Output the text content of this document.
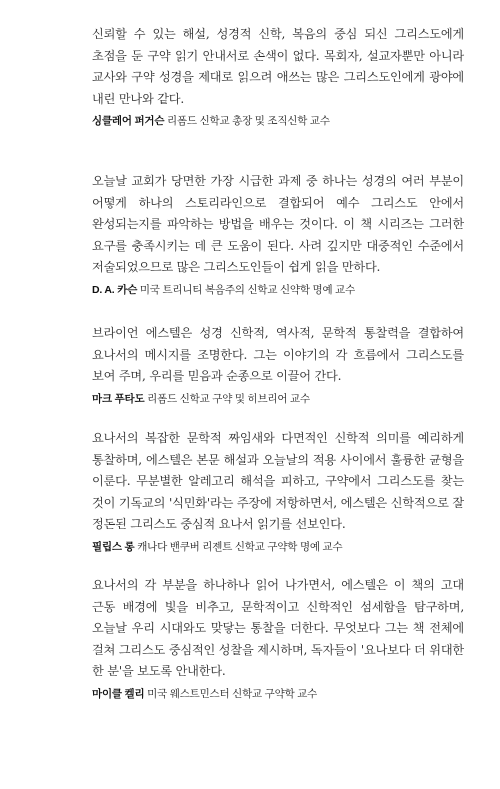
신뢰할 수 있는 해설, 성경적 신학, 복음의 중심 되신 그리스도에게 초점을 둔 구약 읽기 안내서로 손색이 없다. 목회자, 설교자뿐만 아니라 교사와 구약 성경을 제대로 읽으려 애쓰는 많은 그리스도인에게 광야에 내린 만나와 같다.

싱클레어 퍼거슨 리폼드 신학교 총장 및 조직신학 교수

오늘날 교회가 당면한 가장 시급한 과제 중 하나는 성경의 여러 부분이 어떻게 하나의 스토리라인으로 결합되어 예수 그리스도 안에서 완성되는지를 파악하는 방법을 배우는 것이다. 이 책 시리즈는 그러한 요구를 충족시키는 데 큰 도움이 된다. 사려 깊지만 대중적인 수준에서 저술되었으므로 많은 그리스도인들이 쉽게 읽을 만하다.

D. A. 카슨 미국 트리니티 복음주의 신학교 신약학 명예 교수

브라이언 에스텔은 성경 신학적, 역사적, 문학적 통찰력을 결합하여 요나서의 메시지를 조명한다. 그는 이야기의 각 흐름에서 그리스도를 보여 주며, 우리를 믿음과 순종으로 이끌어 간다.

마크 푸타도 리폼드 신학교 구약 및 히브리어 교수

요나서의 복잡한 문학적 짜임새와 다면적인 신학적 의미를 예리하게 통찰하며, 에스텔은 본문 해설과 오늘날의 적용 사이에서 훌륭한 균형을 이룬다. 무분별한 알레고리 해석을 피하고, 구약에서 그리스도를 찾는 것이 기독교의 '식민화'라는 주장에 저항하면서, 에스텔은 신학적으로 잘 정돈된 그리스도 중심적 요나서 읽기를 선보인다.

필립스 롱 캐나다 밴쿠버 리젠트 신학교 구약학 명예 교수

요나서의 각 부분을 하나하나 읽어 나가면서, 에스텔은 이 책의 고대 근동 배경에 빛을 비추고, 문학적이고 신학적인 섬세함을 탐구하며, 오늘날 우리 시대와도 맞닿는 통찰을 더한다. 무엇보다 그는 책 전체에 걸쳐 그리스도 중심적인 성찰을 제시하며, 독자들이 '요나보다 더 위대한 한 분'을 보도록 안내한다.

마이클 켈리 미국 웨스트민스터 신학교 구약학 교수
